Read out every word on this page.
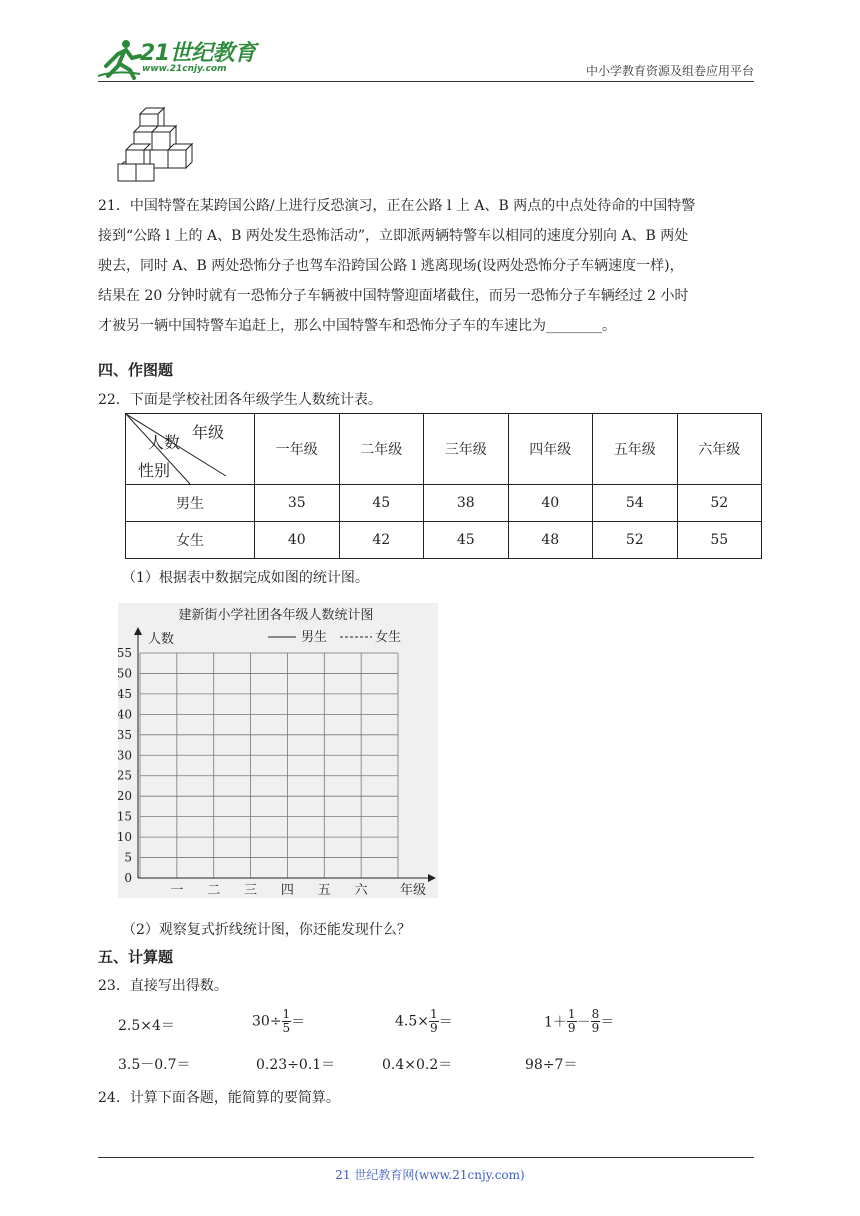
21世纪教育
www.21cnjy.com	中小学教育资源及组卷应用平台
21．中国特警在某跨国公路/上进行反恐演习，正在公路 l 上 A、B 两点的中点处待命的中国特警
接到“公路 l 上的 A、B 两处发生恐怖活动”，立即派两辆特警车以相同的速度分别向 A、B 两处
驶去，同时 A、B 两处恐怖分子也驾车沿跨国公路 l 逃离现场(设两处恐怖分子车辆速度一样)，
结果在 20 分钟时就有一恐怖分子车辆被中国特警迎面堵截住，而另一恐怖分子车辆经过 2 小时
才被另一辆中国特警车追赶上，那么中国特警车和恐怖分子车的车速比为________。
四、作图题
22．下面是学校社团各年级学生人数统计表。
年级
人数
性别	一年级	二年级	三年级	四年级	五年级	六年级
男生	35	45	38	40	54	52
女生	40	42	45	48	52	55
（1）根据表中数据完成如图的统计图。
建新街小学社团各年级人数统计图
人数	男生	女生
0
5
10
15
20
25
30
35
40
45
50
55
一 二 三 四 五 六 年级
（2）观察复式折线统计图，你还能发现什么？
五、计算题
23．直接写出得数。
2.5×4＝	$30\div \frac{1}{5}$ ＝	$4.5\times \frac{1}{9}$ ＝	$1+ \frac{1}{9} - \frac{8}{9}$ ＝
3.5－0.7＝	0.23÷0.1＝	0.4×0.2＝	98÷7＝
24．计算下面各题，能简算的要简算。
21 世纪教育网(www.21cnjy.com)
